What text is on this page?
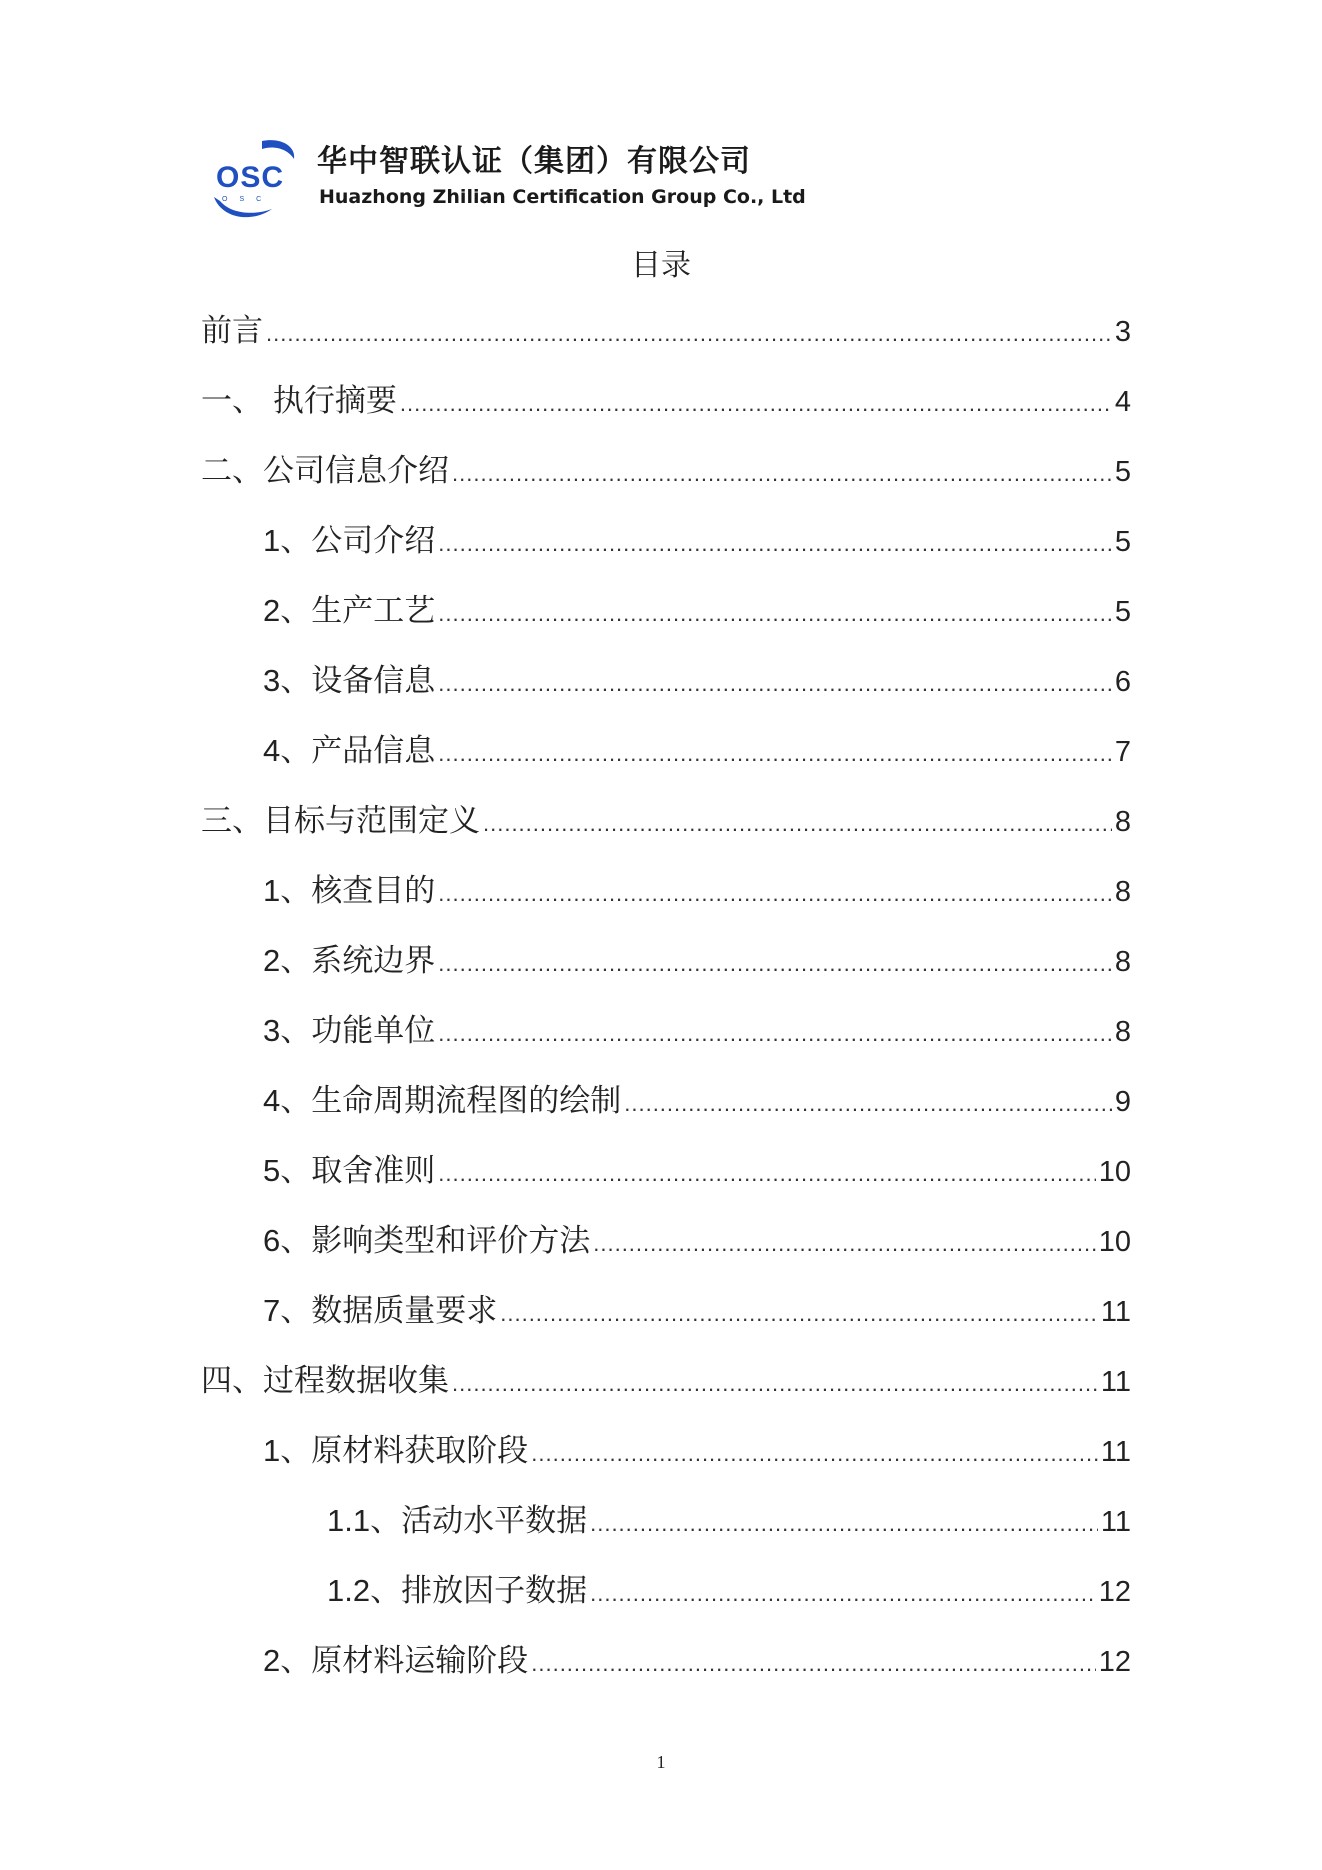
OSC
OSC
华中智联认证（集团）有限公司
Huazhong Zhilian Certification Group Co., Ltd
目录
前言 .....	3
一、 执行摘要 .....	4
二、公司信息介绍 .....	5
1 、公司介绍 .....	5
2 、生产工艺 .....	5
3 、设备信息 .....	6
4 、产品信息 .....	7
三、目标与范围定义 .....	8
1 、核查目的 .....	8
2 、系统边界 .....	8
3 、功能单位 .....	8
4 、生命周期流程图的绘制 .....	9
5 、取舍准则 .....	10
6 、影响类型和评价方法 .....	10
7 、数据质量要求 .....	11
四、过程数据收集 .....	11
1 、原材料获取阶段 .....	11
1.1 、活动水平数据 .....	11
1.2 、排放因子数据 .....	12
2 、原材料运输阶段 .....	12
1
